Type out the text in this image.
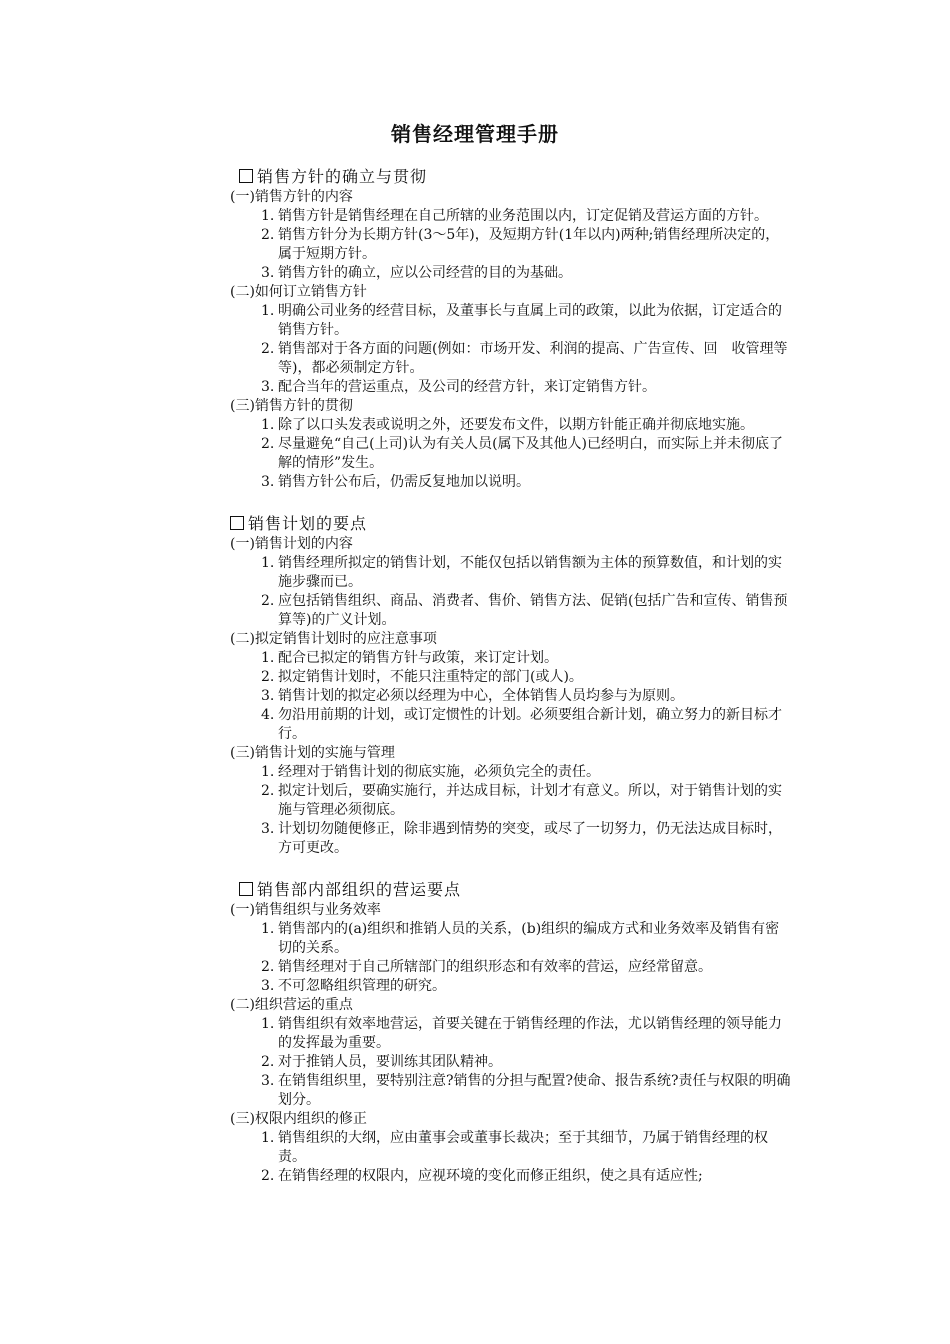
销售经理管理手册
销售方针的确立与贯彻
(一)销售方针的内容
1. 销售方针是销售经理在自己所辖的业务范围以内，订定促销及营运方面的方针。
2. 销售方针分为长期方针(3～5年)，及短期方针(1年以内)两种;销售经理所决定的，属于短期方针。
3. 销售方针的确立，应以公司经营的目的为基础。
(二)如何订立销售方针
1. 明确公司业务的经营目标，及董事长与直属上司的政策，以此为依据，订定适合的销售方针。
2. 销售部对于各方面的问题(例如：市场开发、利润的提高、广告宣传、回　收管理等等)，都必须制定方针。
3. 配合当年的营运重点，及公司的经营方针，来订定销售方针。
(三)销售方针的贯彻
1. 除了以口头发表或说明之外，还要发布文件，以期方针能正确并彻底地实施。
2. 尽量避免“自己(上司)认为有关人员(属下及其他人)已经明白，而实际上并未彻底了解的情形”发生。
3. 销售方针公布后，仍需反复地加以说明。
销售计划的要点
(一)销售计划的内容
1. 销售经理所拟定的销售计划，不能仅包括以销售额为主体的预算数值，和计划的实施步骤而已。
2. 应包括销售组织、商品、消费者、售价、销售方法、促销(包括广告和宣传、销售预算等)的广义计划。
(二)拟定销售计划时的应注意事项
1. 配合已拟定的销售方针与政策，来订定计划。
2. 拟定销售计划时，不能只注重特定的部门(或人)。
3. 销售计划的拟定必须以经理为中心，全体销售人员均参与为原则。
4. 勿沿用前期的计划，或订定惯性的计划。必须要组合新计划，确立努力的新目标才行。
(三)销售计划的实施与管理
1. 经理对于销售计划的彻底实施，必须负完全的责任。
2. 拟定计划后，要确实施行，并达成目标，计划才有意义。所以，对于销售计划的实施与管理必须彻底。
3. 计划切勿随便修正，除非遇到情势的突变，或尽了一切努力，仍无法达成目标时，方可更改。
销售部内部组织的营运要点
(一)销售组织与业务效率
1. 销售部内的(a)组织和推销人员的关系，(b)组织的编成方式和业务效率及销售有密切的关系。
2. 销售经理对于自己所辖部门的组织形态和有效率的营运，应经常留意。
3. 不可忽略组织管理的研究。
(二)组织营运的重点
1. 销售组织有效率地营运，首要关键在于销售经理的作法，尤以销售经理的领导能力的发挥最为重要。
2. 对于推销人员，要训练其团队精神。
3. 在销售组织里，要特别注意?销售的分担与配置?使命、报告系统?责任与权限的明确划分。
(三)权限内组织的修正
1. 销售组织的大纲，应由董事会或董事长裁决；至于其细节，乃属于销售经理的权责。
2. 在销售经理的权限内，应视环境的变化而修正组织，使之具有适应性;
